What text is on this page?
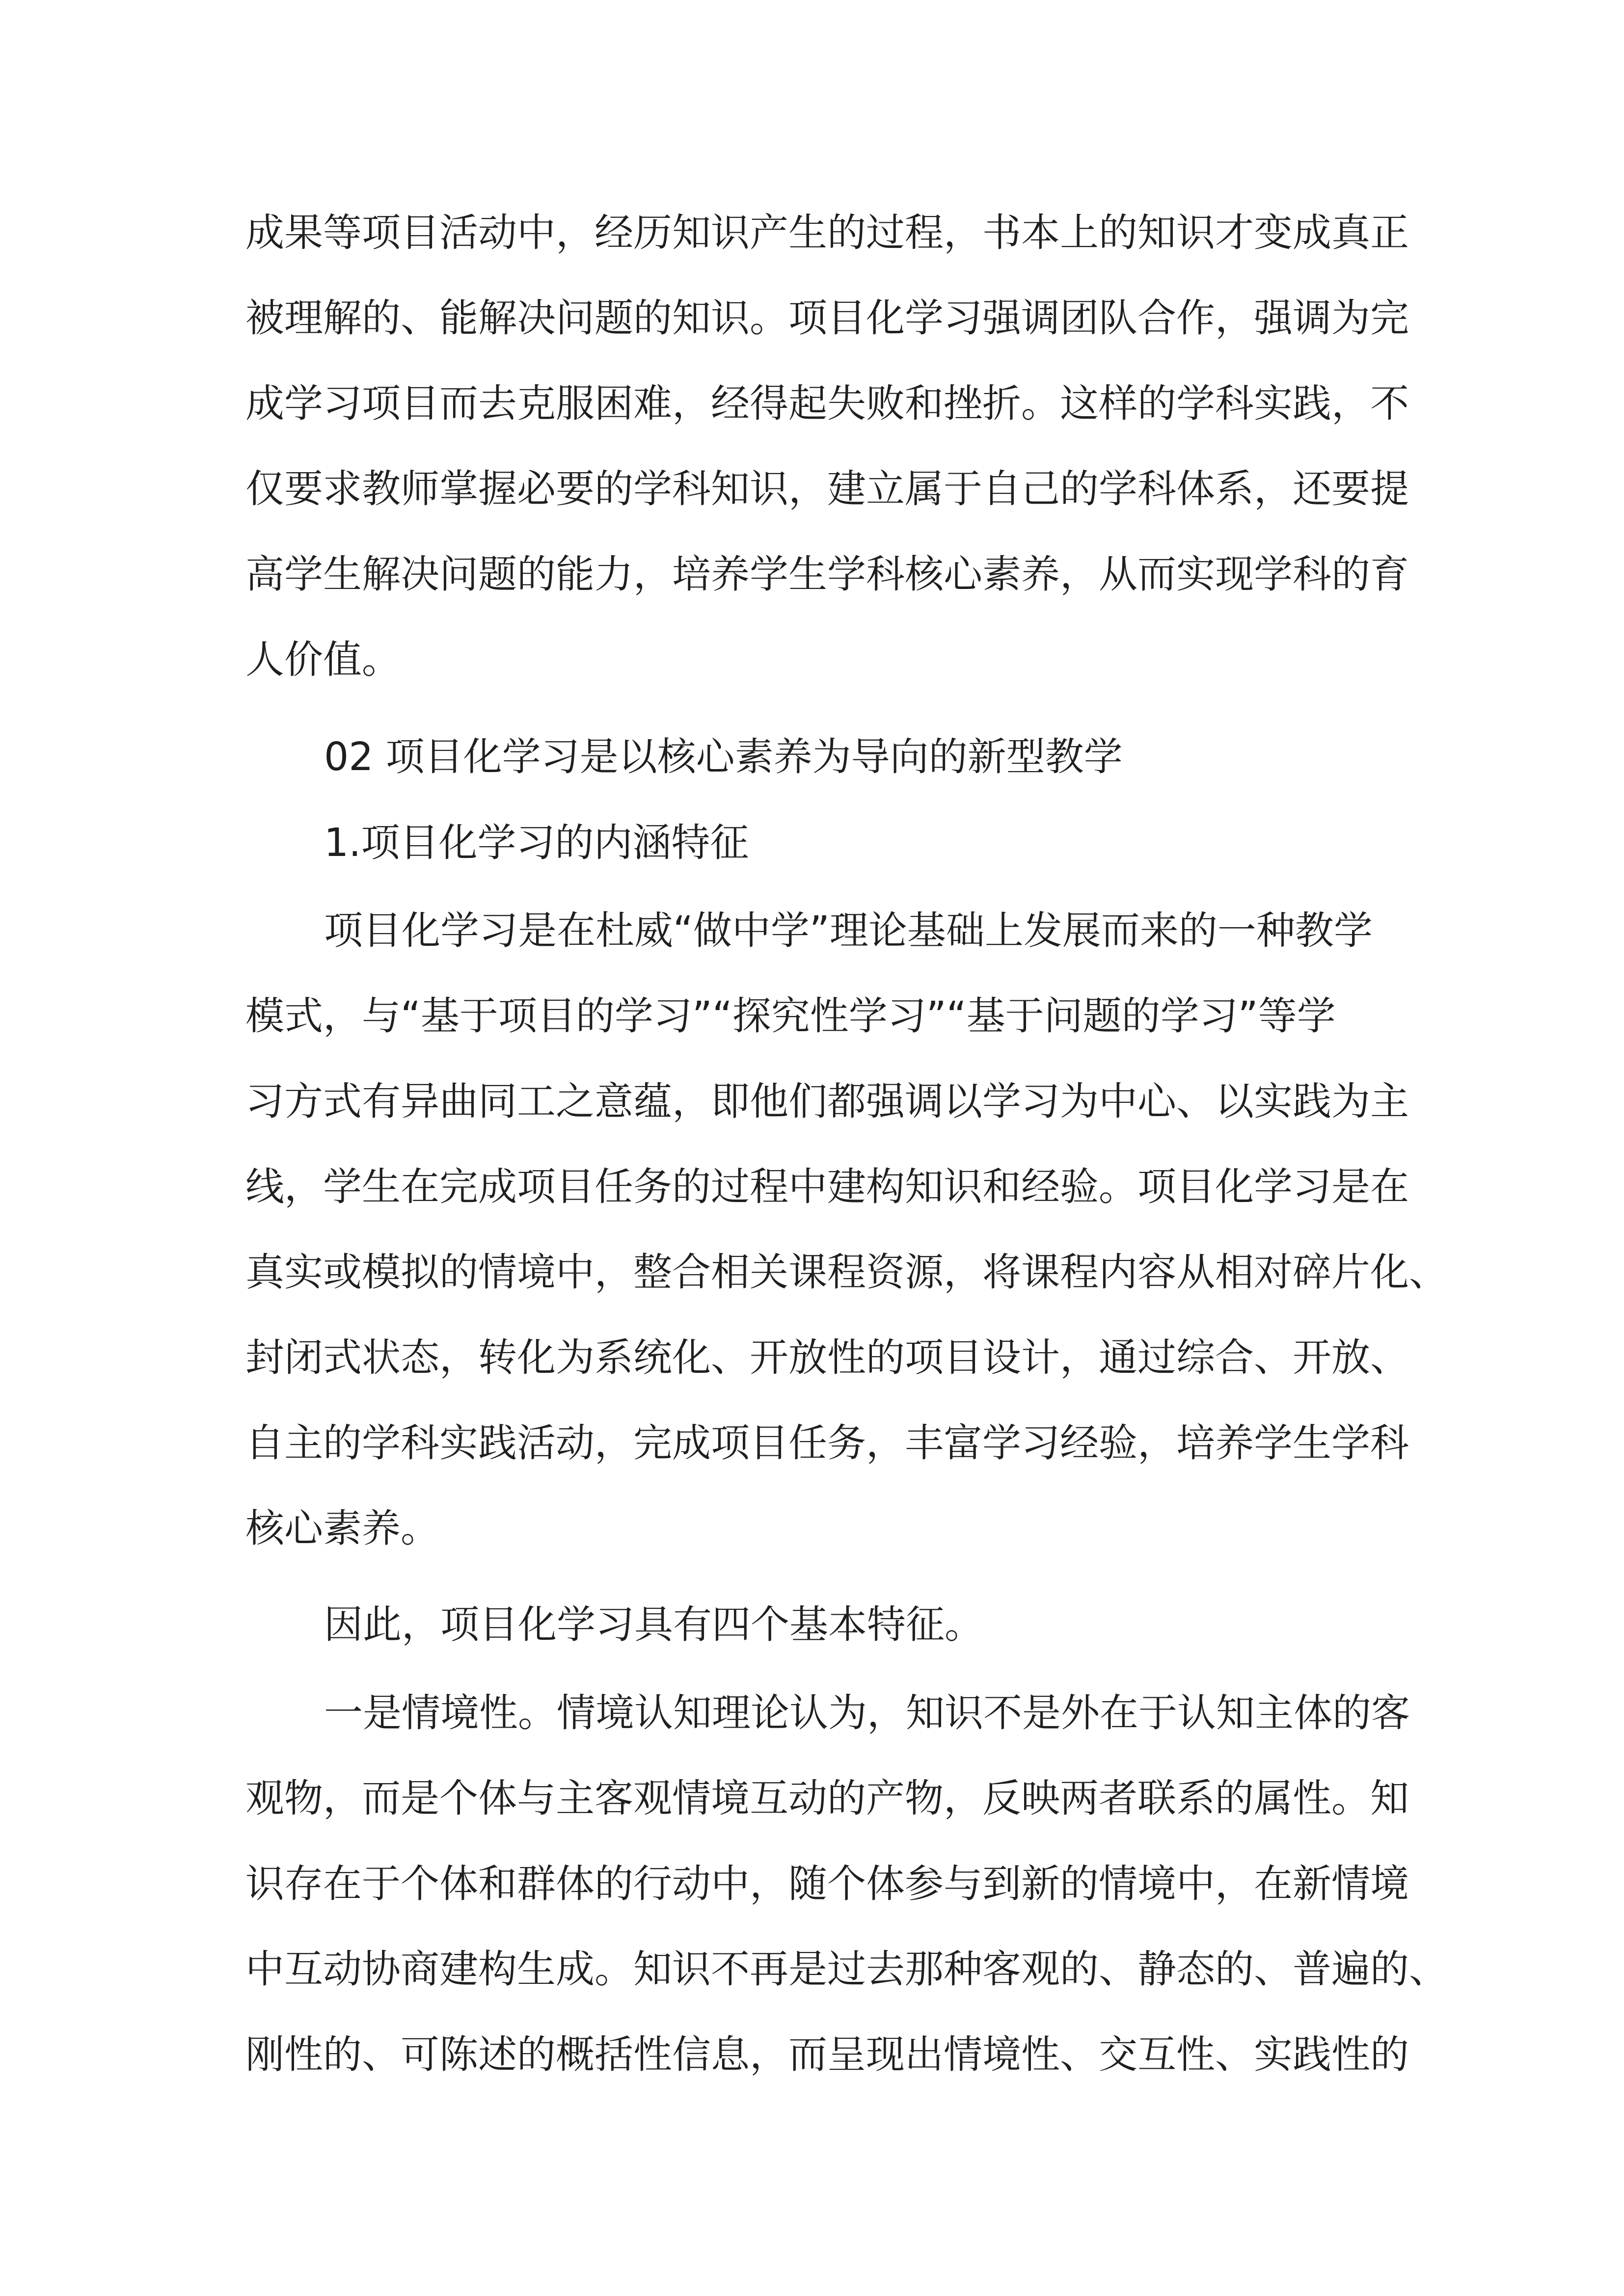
成果等项目活动中，经历知识产生的过程，书本上的知识才变成真正

被理解的、能解决问题的知识。项目化学习强调团队合作，强调为完

成学习项目而去克服困难，经得起失败和挫折。这样的学科实践，不

仅要求教师掌握必要的学科知识，建立属于自己的学科体系，还要提

高学生解决问题的能力，培养学生学科核心素养，从而实现学科的育

人价值。

02 项目化学习是以核心素养为导向的新型教学

1.项目化学习的内涵特征

项目化学习是在杜威“做中学”理论基础上发展而来的一种教学

模式，与“基于项目的学习”“探究性学习”“基于问题的学习”等学

习方式有异曲同工之意蕴，即他们都强调以学习为中心、以实践为主

线，学生在完成项目任务的过程中建构知识和经验。项目化学习是在

真实或模拟的情境中，整合相关课程资源，将课程内容从相对碎片化、

封闭式状态，转化为系统化、开放性的项目设计，通过综合、开放、

自主的学科实践活动，完成项目任务，丰富学习经验，培养学生学科

核心素养。

因此，项目化学习具有四个基本特征。

一是情境性。情境认知理论认为，知识不是外在于认知主体的客

观物，而是个体与主客观情境互动的产物，反映两者联系的属性。知

识存在于个体和群体的行动中，随个体参与到新的情境中，在新情境

中互动协商建构生成。知识不再是过去那种客观的、静态的、普遍的、

刚性的、可陈述的概括性信息，而呈现出情境性、交互性、实践性的
